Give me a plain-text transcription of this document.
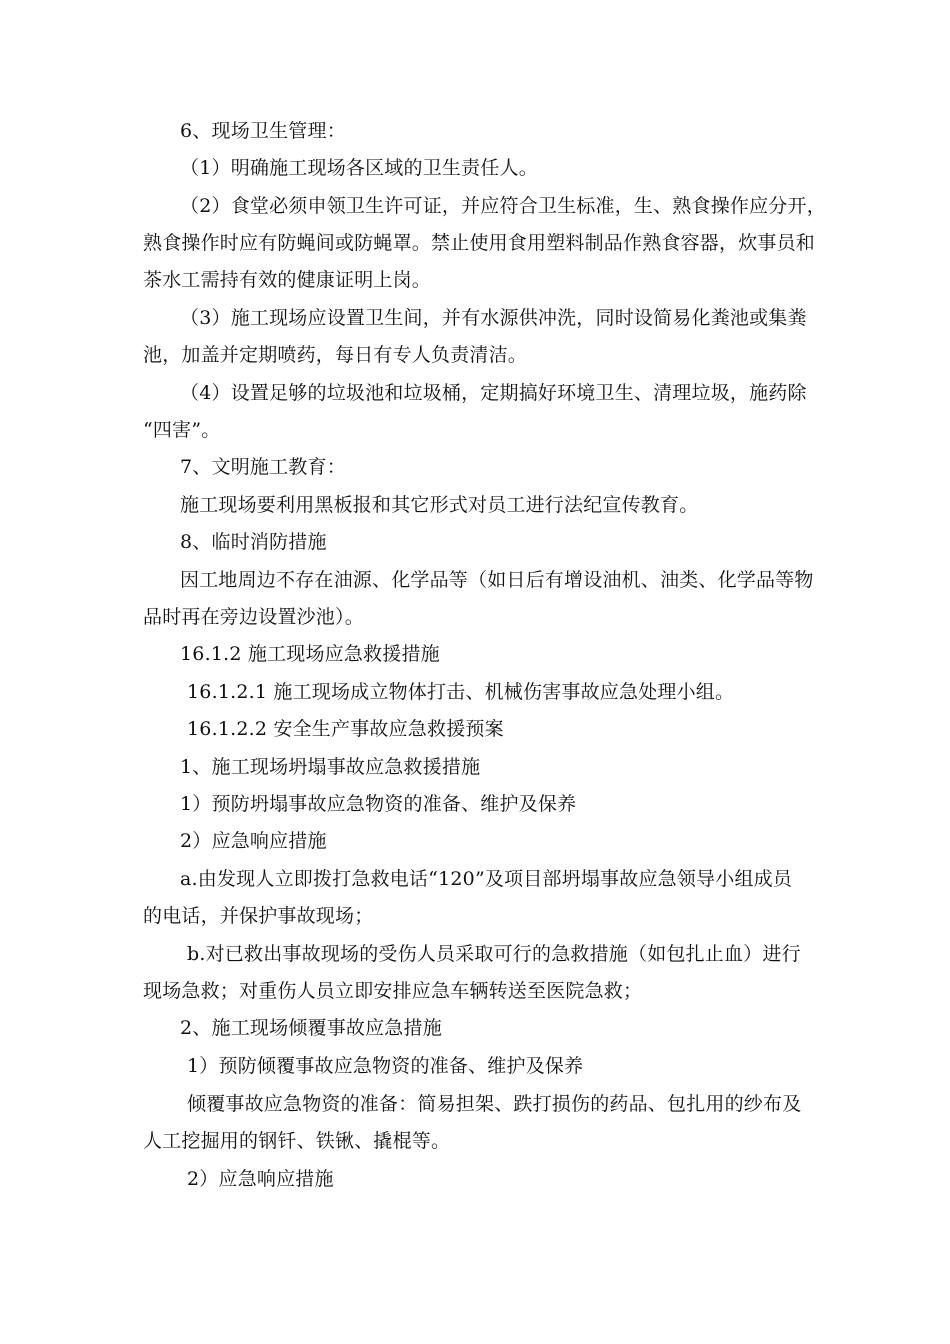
6、现场卫生管理：
（1）明确施工现场各区域的卫生责任人。
（2）食堂必须申领卫生许可证，并应符合卫生标准，生、熟食操作应分开，
熟食操作时应有防蝇间或防蝇罩。禁止使用食用塑料制品作熟食容器，炊事员和
茶水工需持有效的健康证明上岗。
（3）施工现场应设置卫生间，并有水源供冲洗，同时设简易化粪池或集粪
池，加盖并定期喷药，每日有专人负责清洁。
（4）设置足够的垃圾池和垃圾桶，定期搞好环境卫生、清理垃圾，施药除
“四害”。
7、文明施工教育：
施工现场要利用黑板报和其它形式对员工进行法纪宣传教育。
8、临时消防措施
因工地周边不存在油源、化学品等（如日后有增设油机、油类、化学品等物
品时再在旁边设置沙池）。
16.1.2 施工现场应急救援措施
16.1.2.1 施工现场成立物体打击、机械伤害事故应急处理小组。
16.1.2.2 安全生产事故应急救援预案
1、施工现场坍塌事故应急救援措施
1）预防坍塌事故应急物资的准备、维护及保养
2）应急响应措施
a.由发现人立即拨打急救电话“120”及项目部坍塌事故应急领导小组成员
的电话，并保护事故现场；
b.对已救出事故现场的受伤人员采取可行的急救措施（如包扎止血）进行
现场急救；对重伤人员立即安排应急车辆转送至医院急救；
2、施工现场倾覆事故应急措施
1）预防倾覆事故应急物资的准备、维护及保养
倾覆事故应急物资的准备：简易担架、跌打损伤的药品、包扎用的纱布及
人工挖掘用的钢钎、铁锹、撬棍等。
2）应急响应措施
